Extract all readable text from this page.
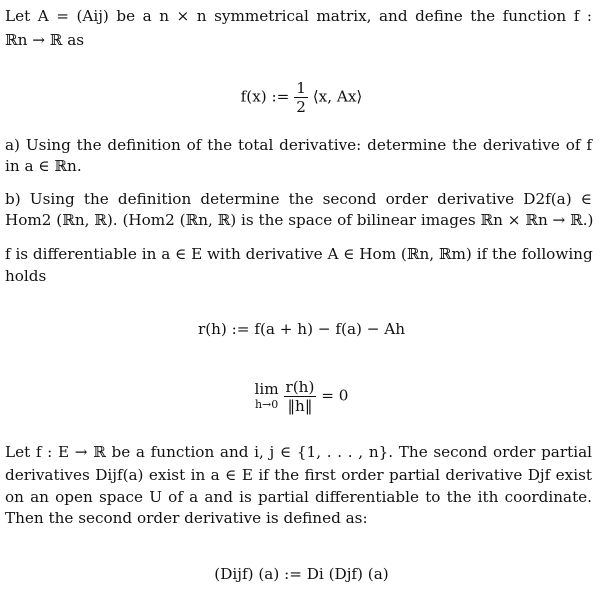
Let A = (Aij) be a n × n symmetrical matrix, and define the function f :
ℝn → ℝ as
f(x) := $\frac{1}{2}$ ⟨x, Ax⟩
a) Using the definition of the total derivative: determine the derivative of f
in a ∈ ℝn.
b) Using the definition determine the second order derivative D2f(a) ∈
Hom2 (ℝn, ℝ). (Hom2 (ℝn, ℝ) is the space of bilinear images ℝn × ℝn → ℝ.)
f is differentiable in a ∈ E with derivative A ∈ Hom (ℝn, ℝm) if the following
holds
r(h) := f(a + h) − f(a) − Ah
lim
h→0
$\frac{r(h)}{‖h‖} = 0$
Let f : E → ℝ be a function and i, j ∈ {1, . . . , n}. The second order partial
derivatives Dijf(a) exist in a ∈ E if the first order partial derivative Djf exist
on an open space U of a and is partial differentiable to the ith coordinate.
Then the second order derivative is defined as:
(Dijf) (a) := Di (Djf) (a)
